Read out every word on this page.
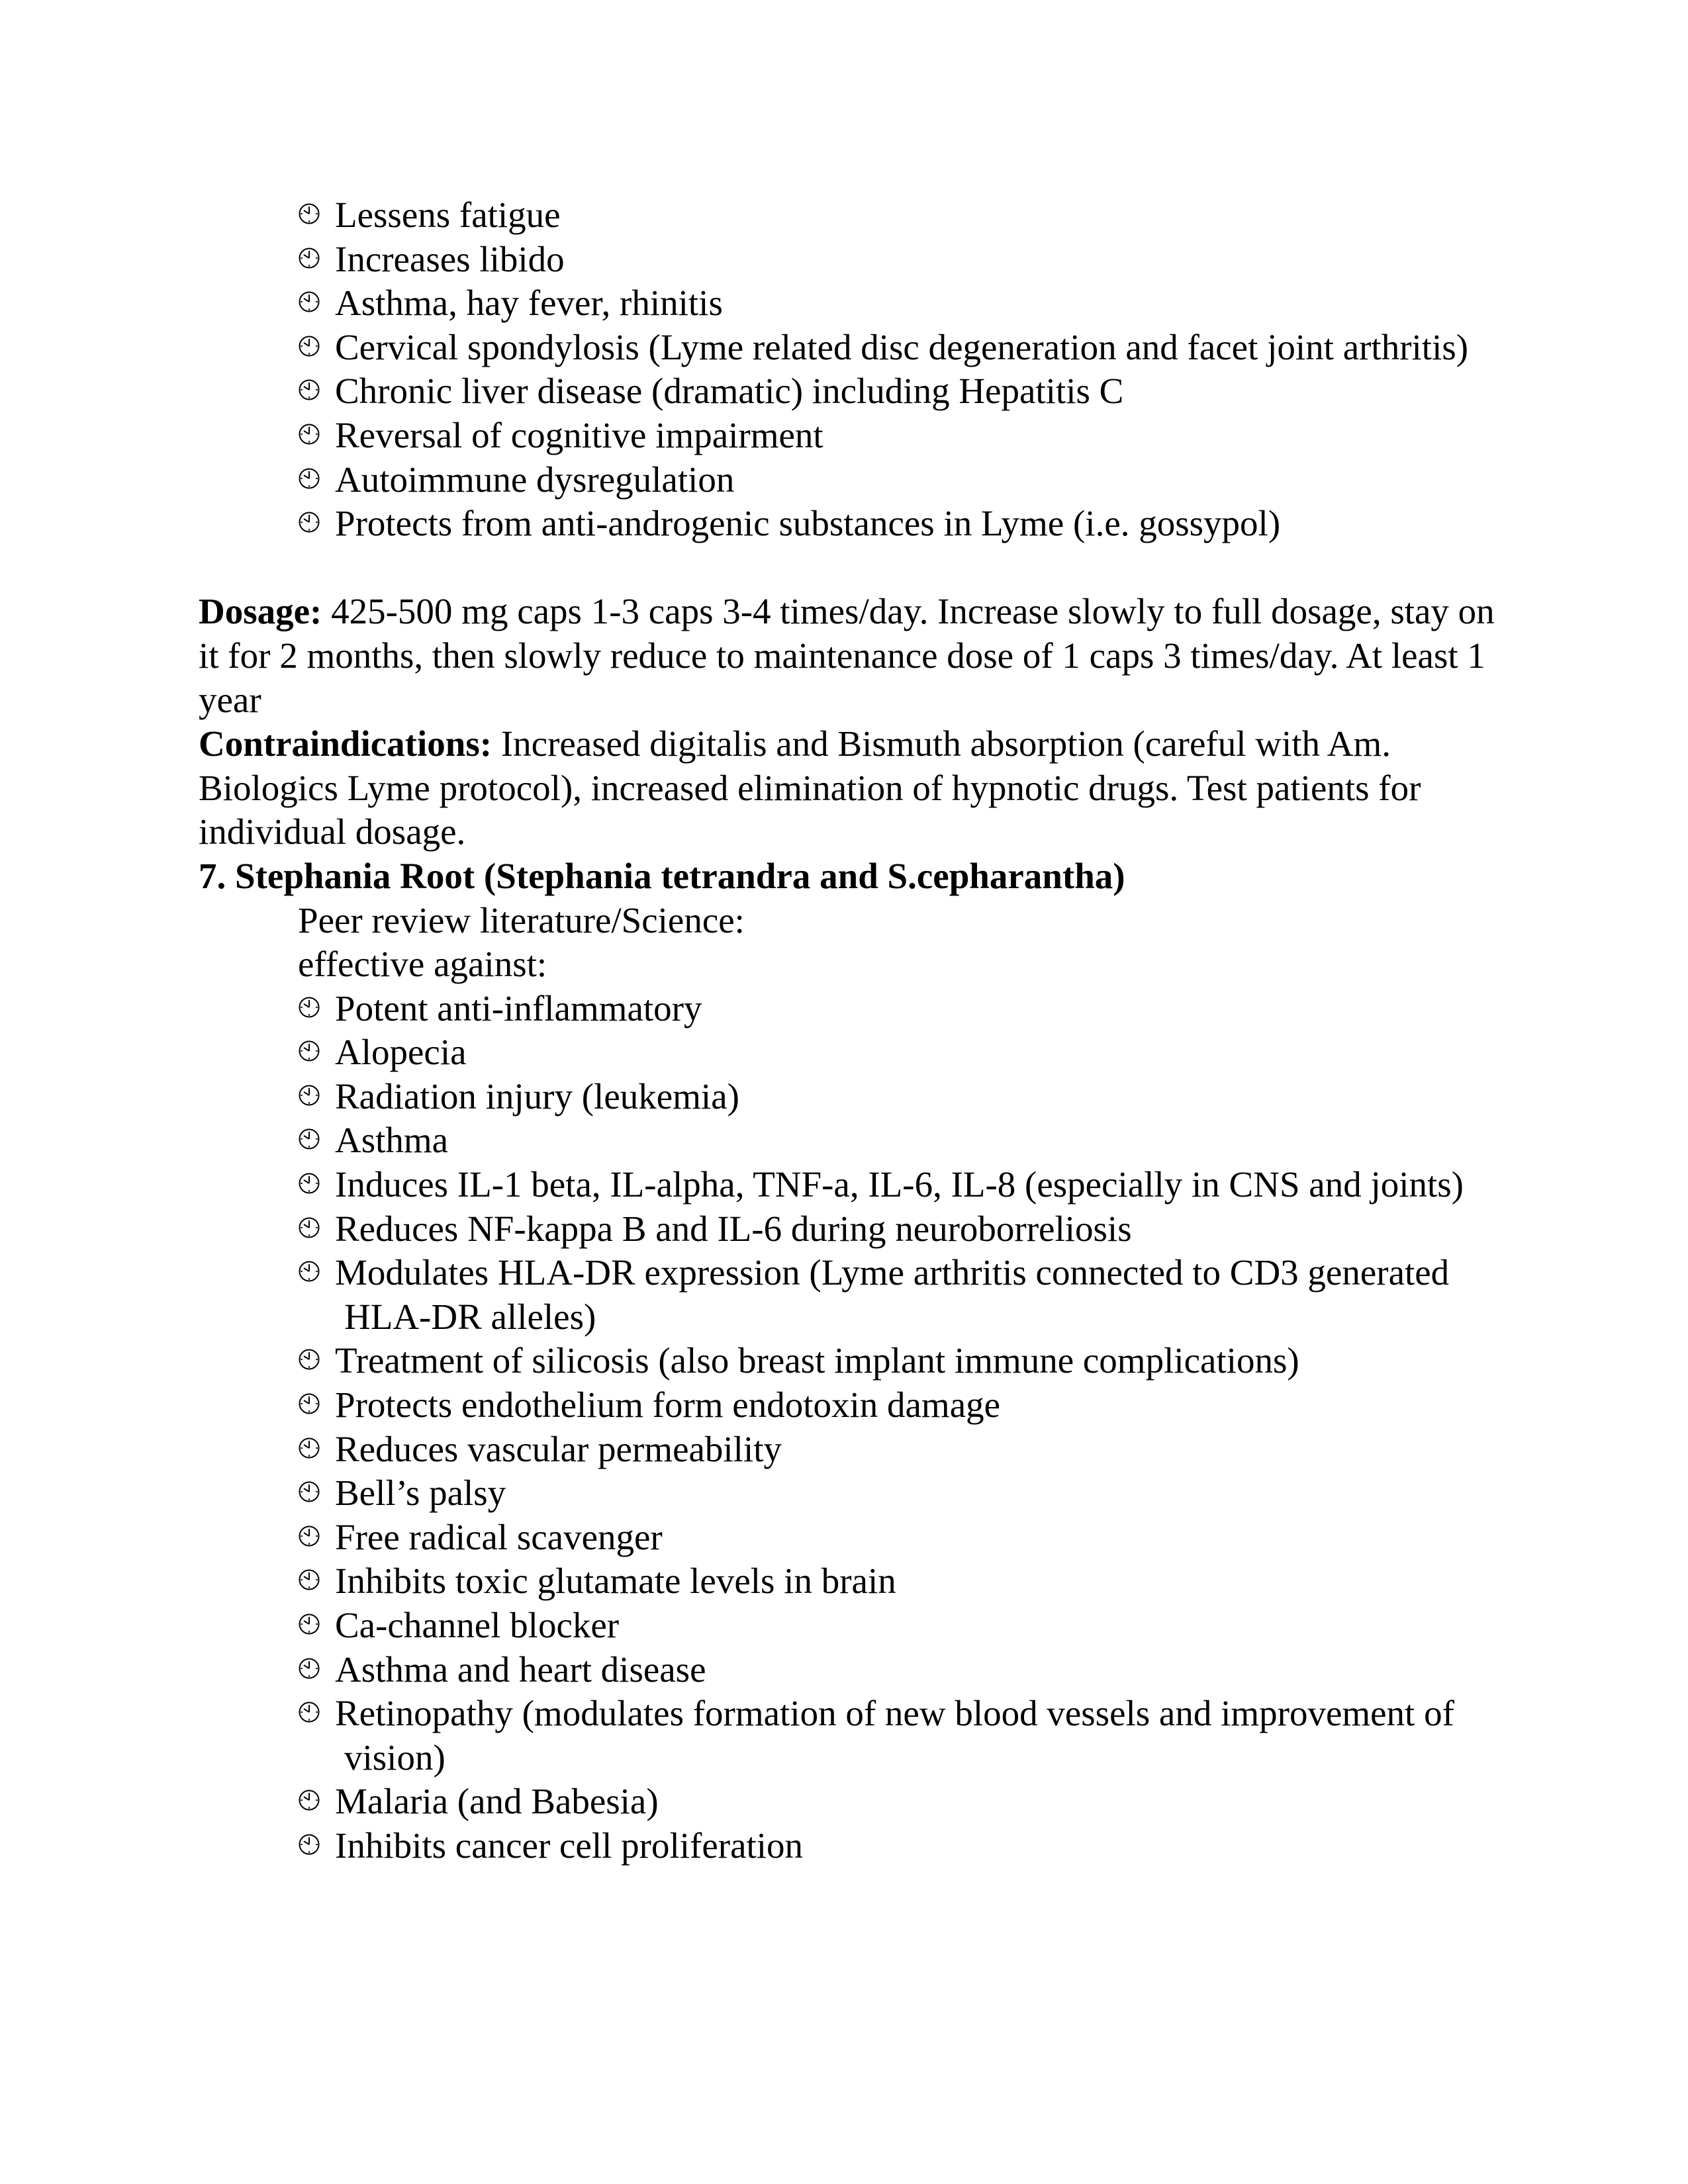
Lessens fatigue
Increases libido
Asthma, hay fever, rhinitis
Cervical spondylosis (Lyme related disc degeneration and facet joint arthritis)
Chronic liver disease (dramatic) including Hepatitis C
Reversal of cognitive impairment
Autoimmune dysregulation
Protects from anti-androgenic substances in Lyme (i.e. gossypol)

Dosage: 425-500 mg caps 1-3 caps 3-4 times/day. Increase slowly to full dosage, stay on it for 2 months, then slowly reduce to maintenance dose of 1 caps 3 times/day. At least 1 year

Contraindications: Increased digitalis and Bismuth absorption (careful with Am. Biologics Lyme protocol), increased elimination of hypnotic drugs. Test patients for individual dosage.

7. Stephania Root (Stephania tetrandra and S.cepharantha)

Peer review literature/Science:

effective against:

Potent anti-inflammatory
Alopecia
Radiation injury (leukemia)
Asthma
Induces IL-1 beta, IL-alpha, TNF-a, IL-6, IL-8 (especially in CNS and joints)
Reduces NF-kappa B and IL-6 during neuroborreliosis
Modulates HLA-DR expression (Lyme arthritis connected to CD3 generated HLA-DR alleles)
Treatment of silicosis (also breast implant immune complications)
Protects endothelium form endotoxin damage
Reduces vascular permeability
Bell’s palsy
Free radical scavenger
Inhibits toxic glutamate levels in brain
Ca-channel blocker
Asthma and heart disease
Retinopathy (modulates formation of new blood vessels and improvement of vision)
Malaria (and Babesia)
Inhibits cancer cell proliferation
